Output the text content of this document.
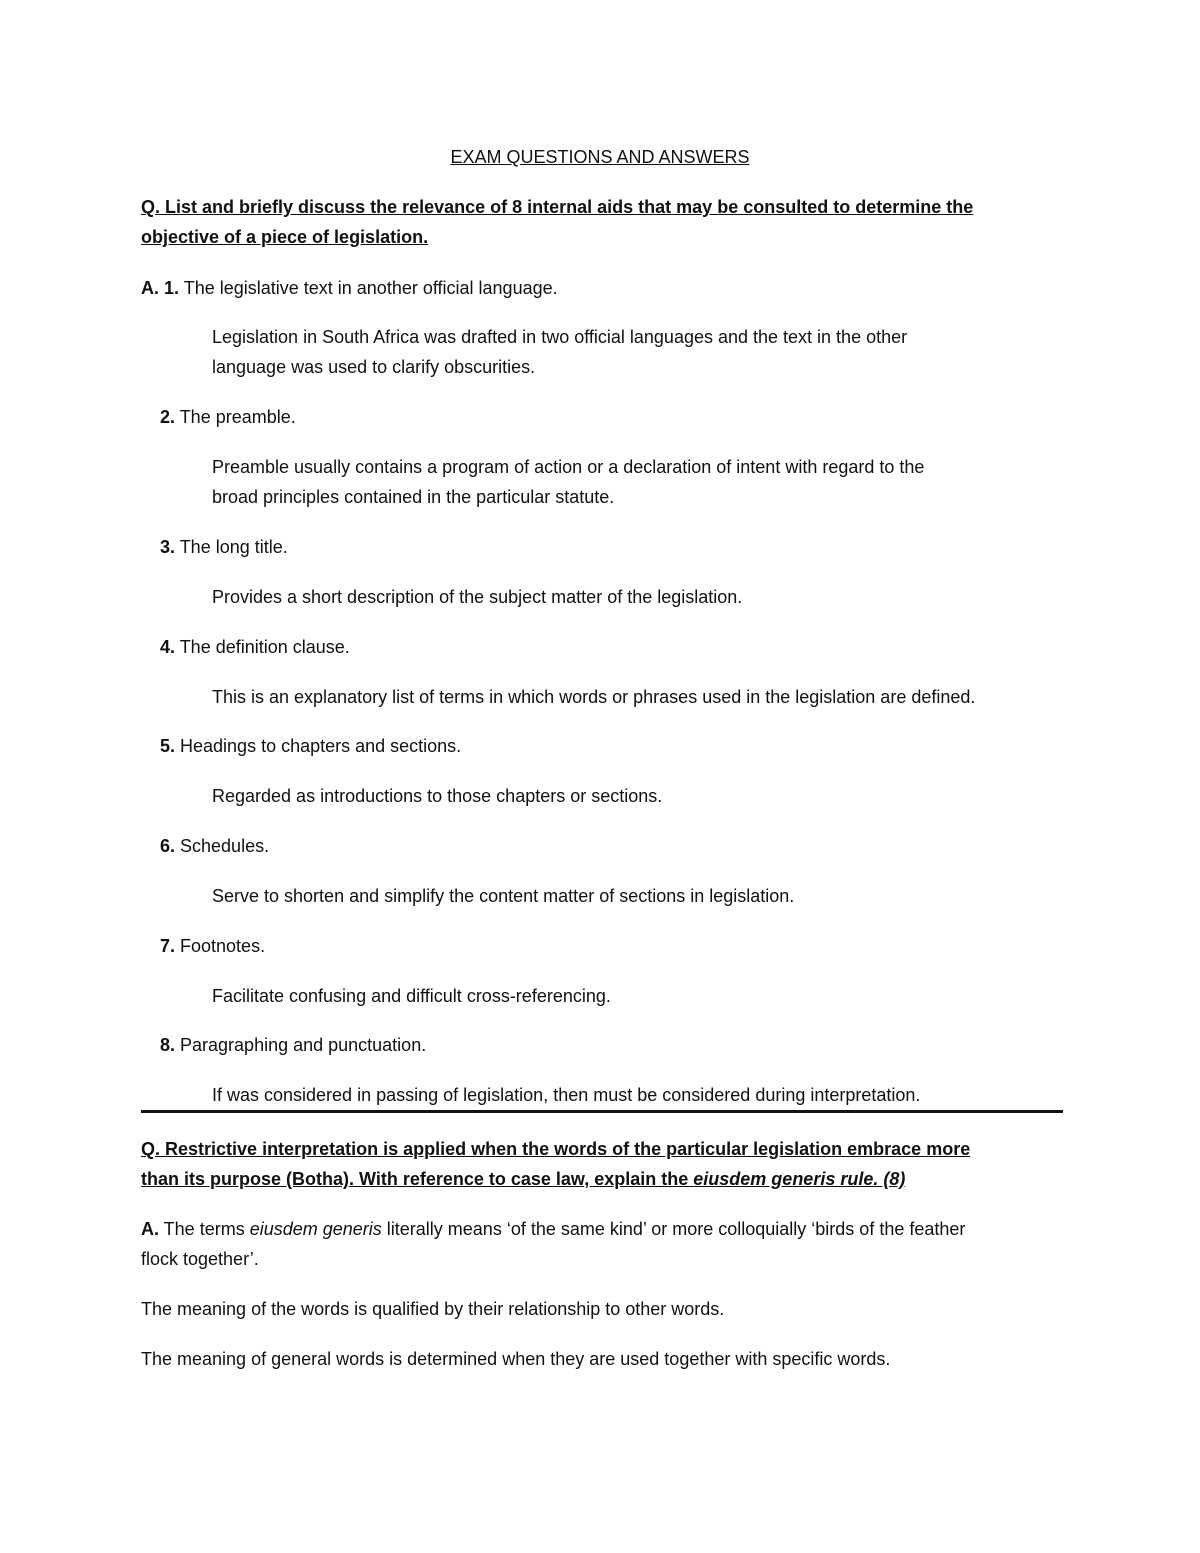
EXAM QUESTIONS AND ANSWERS
Q. List and briefly discuss the relevance of 8 internal aids that may be consulted to determine the
objective of a piece of legislation.
A. 1. The legislative text in another official language.
Legislation in South Africa was drafted in two official languages and the text in the other
language was used to clarify obscurities.
2. The preamble.
Preamble usually contains a program of action or a declaration of intent with regard to the
broad principles contained in the particular statute.
3. The long title.
Provides a short description of the subject matter of the legislation.
4. The definition clause.
This is an explanatory list of terms in which words or phrases used in the legislation are defined.
5. Headings to chapters and sections.
Regarded as introductions to those chapters or sections.
6. Schedules.
Serve to shorten and simplify the content matter of sections in legislation.
7. Footnotes.
Facilitate confusing and difficult cross-referencing.
8. Paragraphing and punctuation.
If was considered in passing of legislation, then must be considered during interpretation.
Q. Restrictive interpretation is applied when the words of the particular legislation embrace more
than its purpose (Botha). With reference to case law, explain the eiusdem generis rule. (8)
A. The terms eiusdem generis literally means ‘of the same kind’ or more colloquially ‘birds of the feather
flock together’.
The meaning of the words is qualified by their relationship to other words.
The meaning of general words is determined when they are used together with specific words.
